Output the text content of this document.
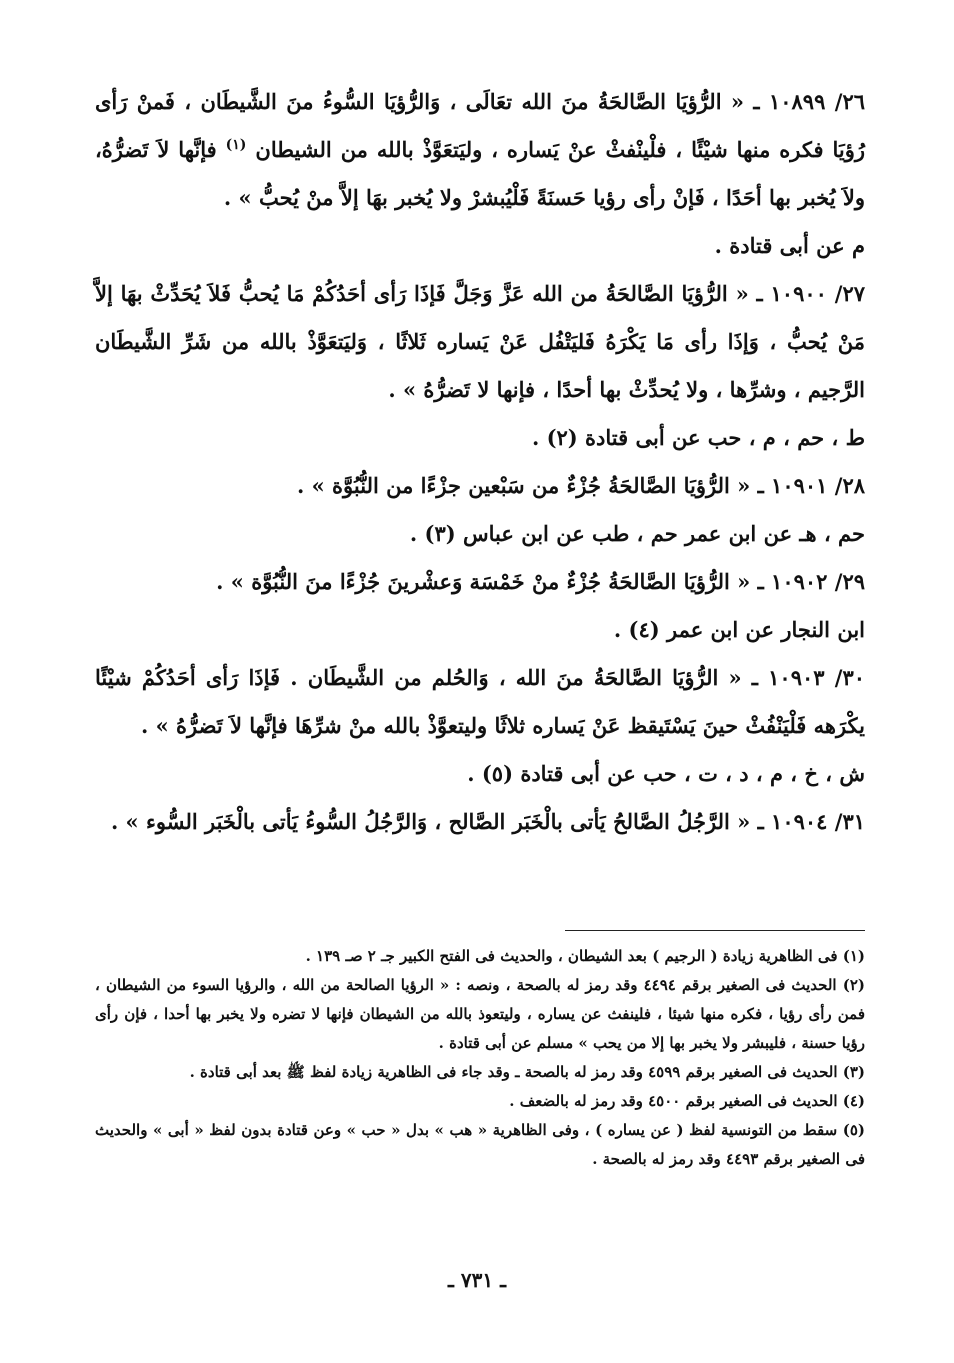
٢٦/ ١٠٨٩٩ ـ « الرُّؤيَا الصَّالحَةُ منَ الله تعَالَى ، وَالرُّؤيَا السُّوءُ منَ الشَّيطَان ، فَمنْ رَأى رُؤيَا فكره منها شيْئًا ، فلْينْفثْ عنْ يَساره ، وليَتعَوَّذْ بالله من الشيطان $^{(١)}$ فإنَّها لاَ تَضرُّهُ، ولاَ يُخبر بها أحَدًا ، فَإنْ رأى رؤيا حَسنَةً فَلْيُبشرْ ولا يُخبر بهَا إلاَّ منْ يُحبُّ » .

م عن أبى قتادة .

٢٧/ ١٠٩٠٠ ـ « الرُّؤيَا الصَّالحَةُ من الله عَزَّ وَجَلَّ فَإذَا رَأى أحَدُكُمْ مَا يُحبُّ فَلاَ يُحَدِّثْ بهَا إلاَّ مَنْ يُحبُّ ، وَإذَا رأى مَا يَكْرَهُ فَليَتْفُل عَنْ يَساره ثَلاثًا ، وَليَتعَوَّذْ بالله من شَرِّ الشَّيطَان الرَّجيم ، وشرِّها ، ولا يُحدِّثْ بها أحدًا ، فإنها لا تَضرُّهُ » .

ط ، حم ، م ، حب عن أبى قتادة (٢) .

٢٨/ ١٠٩٠١ ـ « الرُّؤيَا الصَّالحَةُ جُزْءٌ من سَبْعين جزْءًا من النُّبُوَّة » .

حم ، هـ عن ابن عمر حم ، طب عن ابن عباس (٣) .

٢٩/ ١٠٩٠٢ ـ « الرُّؤيَا الصَّالحَةُ جُزْءٌ منْ خَمْسَة وَعشْرينَ جُزْءًا منَ النُّبُوَّة » .

ابن النجار عن ابن عمر (٤) .

٣٠/ ١٠٩٠٣ ـ « الرُّؤيَا الصَّالحَةُ منَ الله ، وَالحُلم من الشَّيطَان . فَإذَا رَأى أحَدُكُمْ شيْئًا يكْرَهه فَلْيَنْفُثْ حينَ يَسْتَيقظ عَنْ يَساره ثلاثًا وليتعوَّذْ بالله منْ شرِّهَا فإنَّها لاَ تَضرُّهُ » .

ش ، خ ، م ، د ، ت ، حب عن أبى قتادة (٥) .

٣١/ ١٠٩٠٤ ـ « الرَّجُلُ الصَّالحُ يَأتى بالْخَبَر الصَّالح ، وَالرَّجُلُ السُّوءُ يَأتى بالْخَبَر السُّوء » .

(١) فى الظاهرية زيادة ( الرجيم ) بعد الشيطان ، والحديث فى الفتح الكبير جـ ٢ صـ ١٣٩ .

(٢) الحديث فى الصغير برقم ٤٤٩٤ وقد رمز له بالصحة ، ونصه : « الرؤيا الصالحة من الله ، والرؤيا السوء من الشيطان ، فمن رأى رؤيا ، فكره منها شيئا ، فلينفث عن يساره ، وليتعوذ بالله من الشيطان فإنها لا تضره ولا يخبر بها أحدا ، فإن رأى رؤيا حسنة ، فليبشر ولا يخبر بها إلا من يحب » مسلم عن أبى قتادة .

(٣) الحديث فى الصغير برقم ٤٥٩٩ وقد رمز له بالصحة ـ وقد جاء فى الظاهرية زيادة لفظ ﷺ بعد أبى قتادة .

(٤) الحديث فى الصغير برقم ٤٥٠٠ وقد رمز له بالضعف .

(٥) سقط من التونسية لفظ ( عن يساره ) ، وفى الظاهرية « هب » بدل « حب » وعن قتادة بدون لفظ « أبى » والحديث فى الصغير برقم ٤٤٩٣ وقد رمز له بالصحة .

ـ ٧٣١ ـ
